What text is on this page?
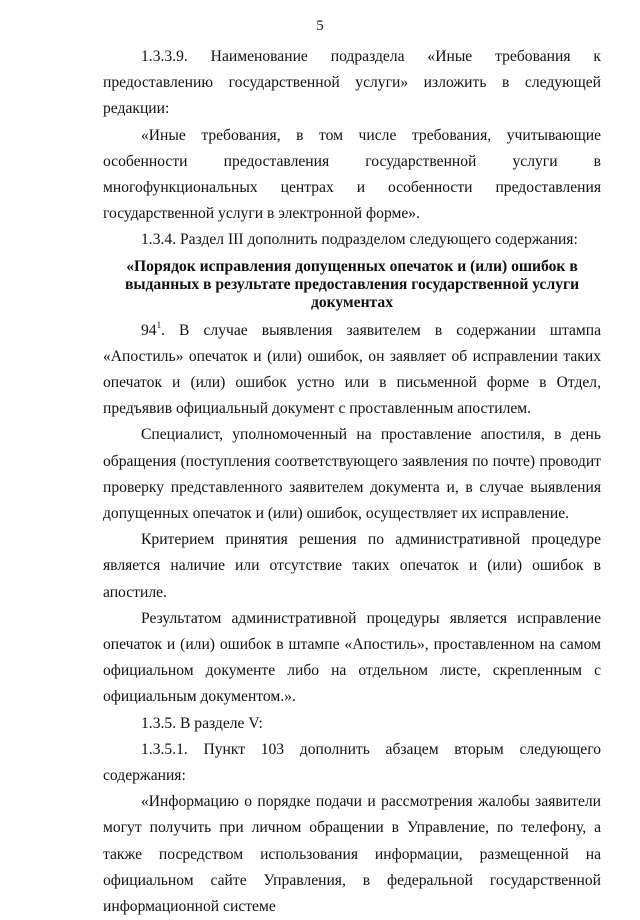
5

1.3.3.9. Наименование подраздела «Иные требования к предоставлению государственной услуги» изложить в следующей редакции:

«Иные требования, в том числе требования, учитывающие особенности предоставления государственной услуги в многофункциональных центрах и особенности предоставления государственной услуги в электронной форме».

1.3.4. Раздел III дополнить подразделом следующего содержания:

«Порядок исправления допущенных опечаток и (или) ошибок в выданных в результате предоставления государственной услуги документах

$94^1$. В случае выявления заявителем в содержании штампа «Апостиль» опечаток и (или) ошибок, он заявляет об исправлении таких опечаток и (или) ошибок устно или в письменной форме в Отдел, предъявив официальный документ с проставленным апостилем.

Специалист, уполномоченный на проставление апостиля, в день обращения (поступления соответствующего заявления по почте) проводит проверку представленного заявителем документа и, в случае выявления допущенных опечаток и (или) ошибок, осуществляет их исправление.

Критерием принятия решения по административной процедуре является наличие или отсутствие таких опечаток и (или) ошибок в апостиле.

Результатом административной процедуры является исправление опечаток и (или) ошибок в штампе «Апостиль», проставленном на самом официальном документе либо на отдельном листе, скрепленным с официальным документом.».

1.3.5. В разделе V:

1.3.5.1. Пункт 103 дополнить абзацем вторым следующего содержания:

«Информацию о порядке подачи и рассмотрения жалобы заявители могут получить при личном обращении в Управление, по телефону, а также посредством использования информации, размещенной на официальном сайте Управления, в федеральной государственной информационной системе
